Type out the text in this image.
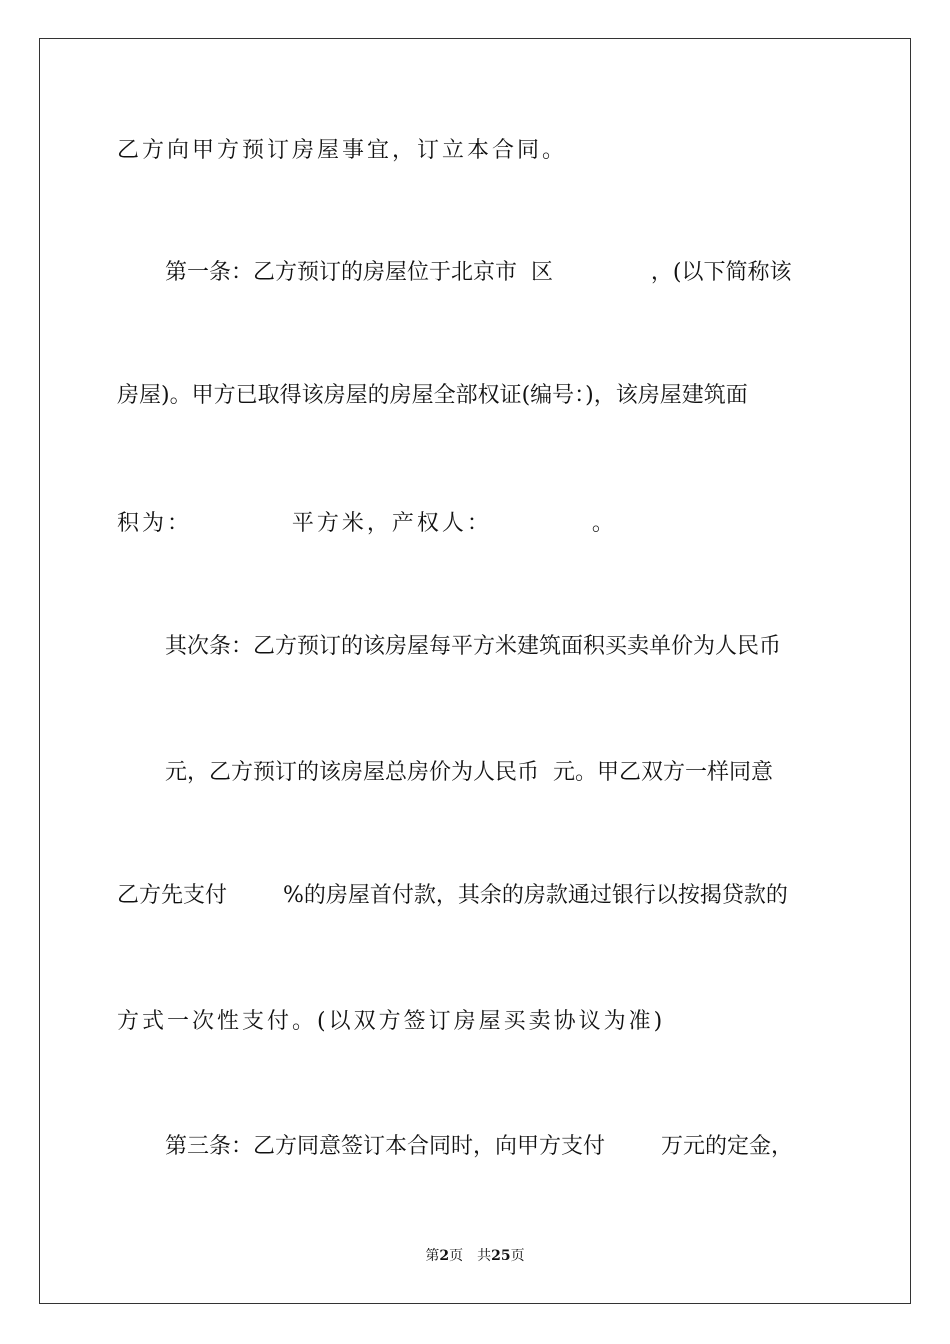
乙方向甲方预订房屋事宜，订立本合同。
第一条：乙方预订的房屋位于北京市  区              ，(以下简称该
房屋)。甲方已取得该房屋的房屋全部权证(编号：)，该房屋建筑面
积为：          平方米，产权人：          。
其次条：乙方预订的该房屋每平方米建筑面积买卖单价为人民币
元，乙方预订的该房屋总房价为人民币  元。甲乙双方一样同意
乙方先支付        %的房屋首付款，其余的房款通过银行以按揭贷款的
方式一次性支付。(以双方签订房屋买卖协议为准)
第三条：乙方同意签订本合同时，向甲方支付        万元的定金，
第2页　共25页
